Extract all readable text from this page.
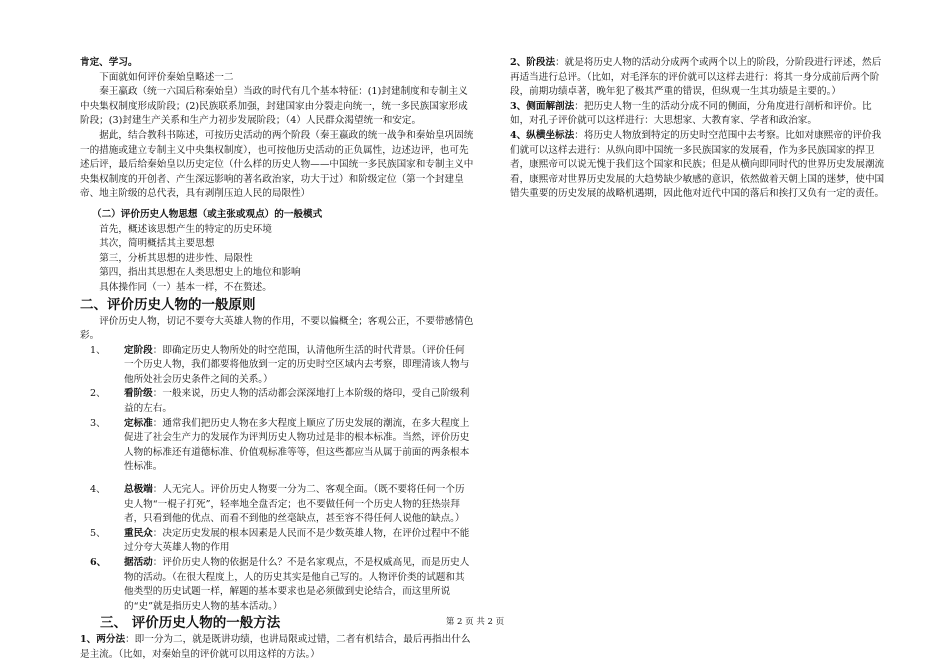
肯定、学习。

下面就如何评价秦始皇略述一二

秦王嬴政（统一六国后称秦始皇）当政的时代有几个基本特征：(1)封建制度和专制主义中央集权制度形成阶段；(2)民族联系加强，封建国家由分裂走向统一，统一多民族国家形成阶段；(3)封建生产关系和生产力初步发展阶段；（4）人民群众渴望统一和安定。

据此，结合教科书陈述，可按历史活动的两个阶段（秦王嬴政的统一战争和秦始皇巩固统一的措施或建立专制主义中央集权制度），也可按他历史活动的正负属性，边述边评，也可先述后评，最后给秦始皇以历史定位（什么样的历史人物——中国统一多民族国家和专制主义中央集权制度的开创者、产生深远影响的著名政治家，功大于过）和阶级定位（第一个封建皇帝、地主阶级的总代表，具有剥削压迫人民的局限性）

（二）评价历史人物思想（或主张或观点）的一般模式

首先，概述该思想产生的特定的历史环境

其次，简明概括其主要思想

第三，分析其思想的进步性、局限性

第四，指出其思想在人类思想史上的地位和影响

具体操作同（一）基本一样，不在赘述。

二、评价历史人物的一般原则

评价历史人物，切记不要夸大英雄人物的作用，不要以偏概全；客观公正，不要带感情色彩。

1、	定阶段：即确定历史人物所处的时空范围，认清他所生活的时代背景。（评价任何一个历史人物，我们都要将他放到一定的历史时空区域内去考察，即理清该人物与他所处社会历史条件之间的关系。）
2、	看阶级：一般来说，历史人物的活动都会深深地打上本阶级的烙印，受自己阶级利益的左右。
3、	定标准：通常我们把历史人物在多大程度上顺应了历史发展的潮流，在多大程度上促进了社会生产力的发展作为评判历史人物功过是非的根本标准。当然，评价历史人物的标准还有道德标准、价值观标准等等，但这些都应当从属于前面的两条根本性标准。
4、	总极端：人无完人。评价历史人物要一分为二、客观全面。（既不要将任何一个历史人物“一棍子打死”，轻率地全盘否定；也不要做任何一个历史人物的狂热崇拜者，只看到他的优点、而看不到他的丝毫缺点，甚至容不得任何人说他的缺点。）
5、	重民众：决定历史发展的根本因素是人民而不是少数英雄人物，在评价过程中不能过分夸大英雄人物的作用
6、	据活动：评价历史人物的依据是什么？不是名家观点，不是权威高见，而是历史人物的活动。（在很大程度上，人的历史其实是他自己写的。人物评价类的试题和其他类型的历史试题一样，解题的基本要求也是必须做到史论结合，而这里所说的“史”就是指历史人物的基本活动。）

三、 评价历史人物的一般方法

1、两分法：即一分为二，就是既讲功绩，也讲局限或过错，二者有机结合，最后再指出什么是主流。（比如，对秦始皇的评价就可以用这样的方法。）

2、阶段法：就是将历史人物的活动分成两个或两个以上的阶段，分阶段进行评述，然后再适当进行总评。（比如，对毛泽东的评价就可以这样去进行：将其一身分成前后两个阶段，前期功绩卓著，晚年犯了极其严重的错误，但纵观一生其功绩是主要的。）

3、侧面解剖法：把历史人物一生的活动分成不同的侧面，分角度进行剖析和评价。比如，对孔子评价就可以这样进行：大思想家、大教育家、学者和政治家。

4、纵横坐标法：将历史人物放到特定的历史时空范围中去考察。比如对康熙帝的评价我们就可以这样去进行：从纵向即中国统一多民族国家的发展看，作为多民族国家的捍卫者，康熙帝可以说无愧于我们这个国家和民族；但是从横向即同时代的世界历史发展潮流看，康熙帝对世界历史发展的大趋势缺少敏感的意识，依然做着天朝上国的迷梦，使中国错失重要的历史发展的战略机遇期，因此他对近代中国的落后和挨打又负有一定的责任。

第 2 页 共 2 页
